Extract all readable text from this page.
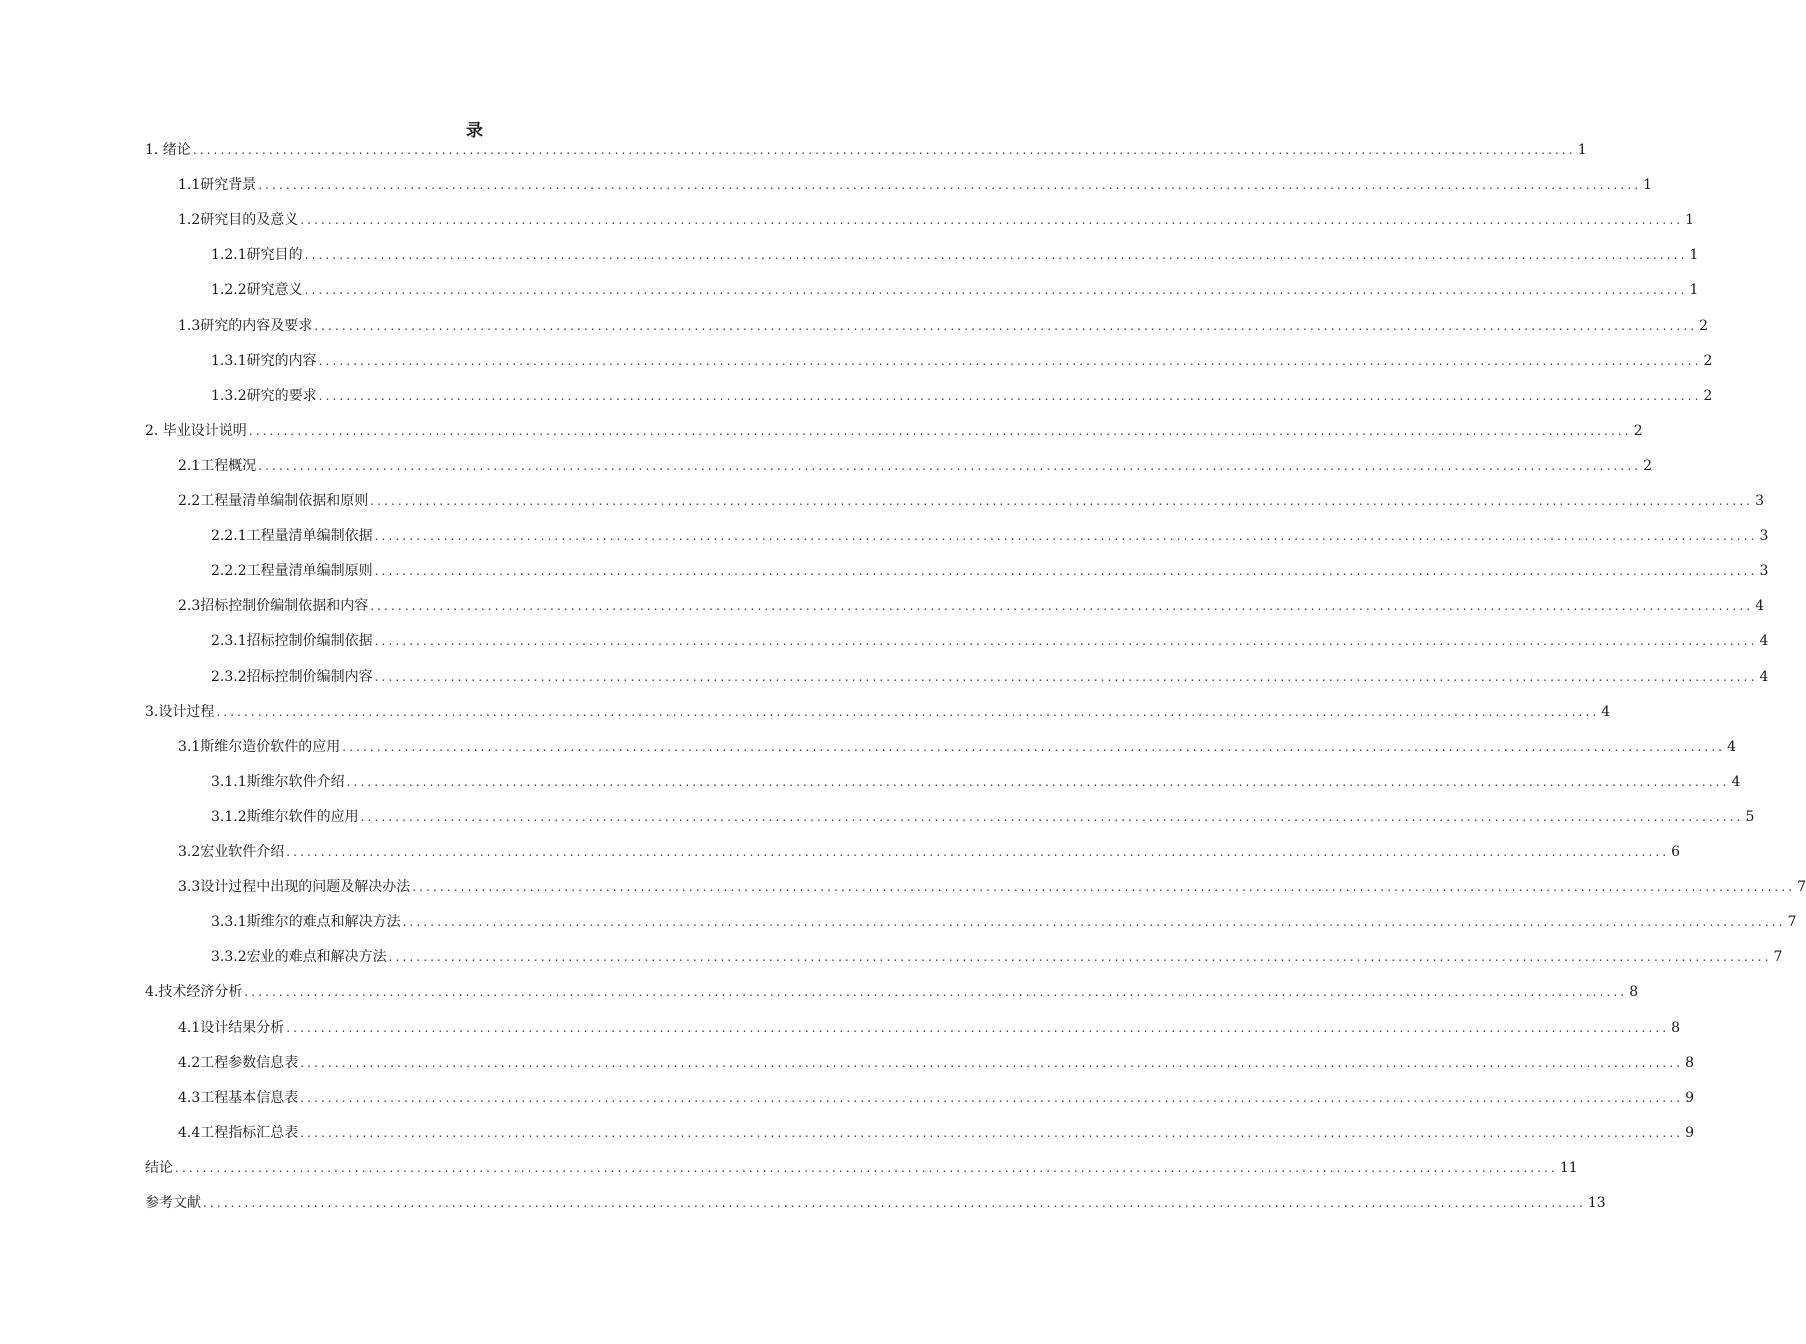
录
1. 绪论 ........................................................................................................................................................................................................ 1
1.1研究背景 ........................................................................................................................................................................................................ 1
1.2研究目的及意义 ........................................................................................................................................................................................................ 1
1.2.1研究目的 ........................................................................................................................................................................................................ 1
1.2.2研究意义 ........................................................................................................................................................................................................ 1
1.3研究的内容及要求 ........................................................................................................................................................................................................ 2
1.3.1研究的内容 ........................................................................................................................................................................................................ 2
1.3.2研究的要求 ........................................................................................................................................................................................................ 2
2. 毕业设计说明 ........................................................................................................................................................................................................ 2
2.1工程概况 ........................................................................................................................................................................................................ 2
2.2工程量清单编制依据和原则 ........................................................................................................................................................................................................ 3
2.2.1工程量清单编制依据 ........................................................................................................................................................................................................ 3
2.2.2工程量清单编制原则 ........................................................................................................................................................................................................ 3
2.3招标控制价编制依据和内容 ........................................................................................................................................................................................................ 4
2.3.1招标控制价编制依据 ........................................................................................................................................................................................................ 4
2.3.2招标控制价编制内容 ........................................................................................................................................................................................................ 4
3.设计过程 ........................................................................................................................................................................................................ 4
3.1斯维尔造价软件的应用 ........................................................................................................................................................................................................ 4
3.1.1斯维尔软件介绍 ........................................................................................................................................................................................................ 4
3.1.2斯维尔软件的应用 ........................................................................................................................................................................................................ 5
3.2宏业软件介绍 ........................................................................................................................................................................................................ 6
3.3设计过程中出现的问题及解决办法 ........................................................................................................................................................................................................ 7
3.3.1斯维尔的难点和解决方法 ........................................................................................................................................................................................................ 7
3.3.2宏业的难点和解决方法 ........................................................................................................................................................................................................ 7
4.技术经济分析 ........................................................................................................................................................................................................ 8
4.1设计结果分析 ........................................................................................................................................................................................................ 8
4.2工程参数信息表 ........................................................................................................................................................................................................ 8
4.3工程基本信息表 ........................................................................................................................................................................................................ 9
4.4工程指标汇总表 ........................................................................................................................................................................................................ 9
结论 ........................................................................................................................................................................................................ 11
参考文献 ........................................................................................................................................................................................................ 13
